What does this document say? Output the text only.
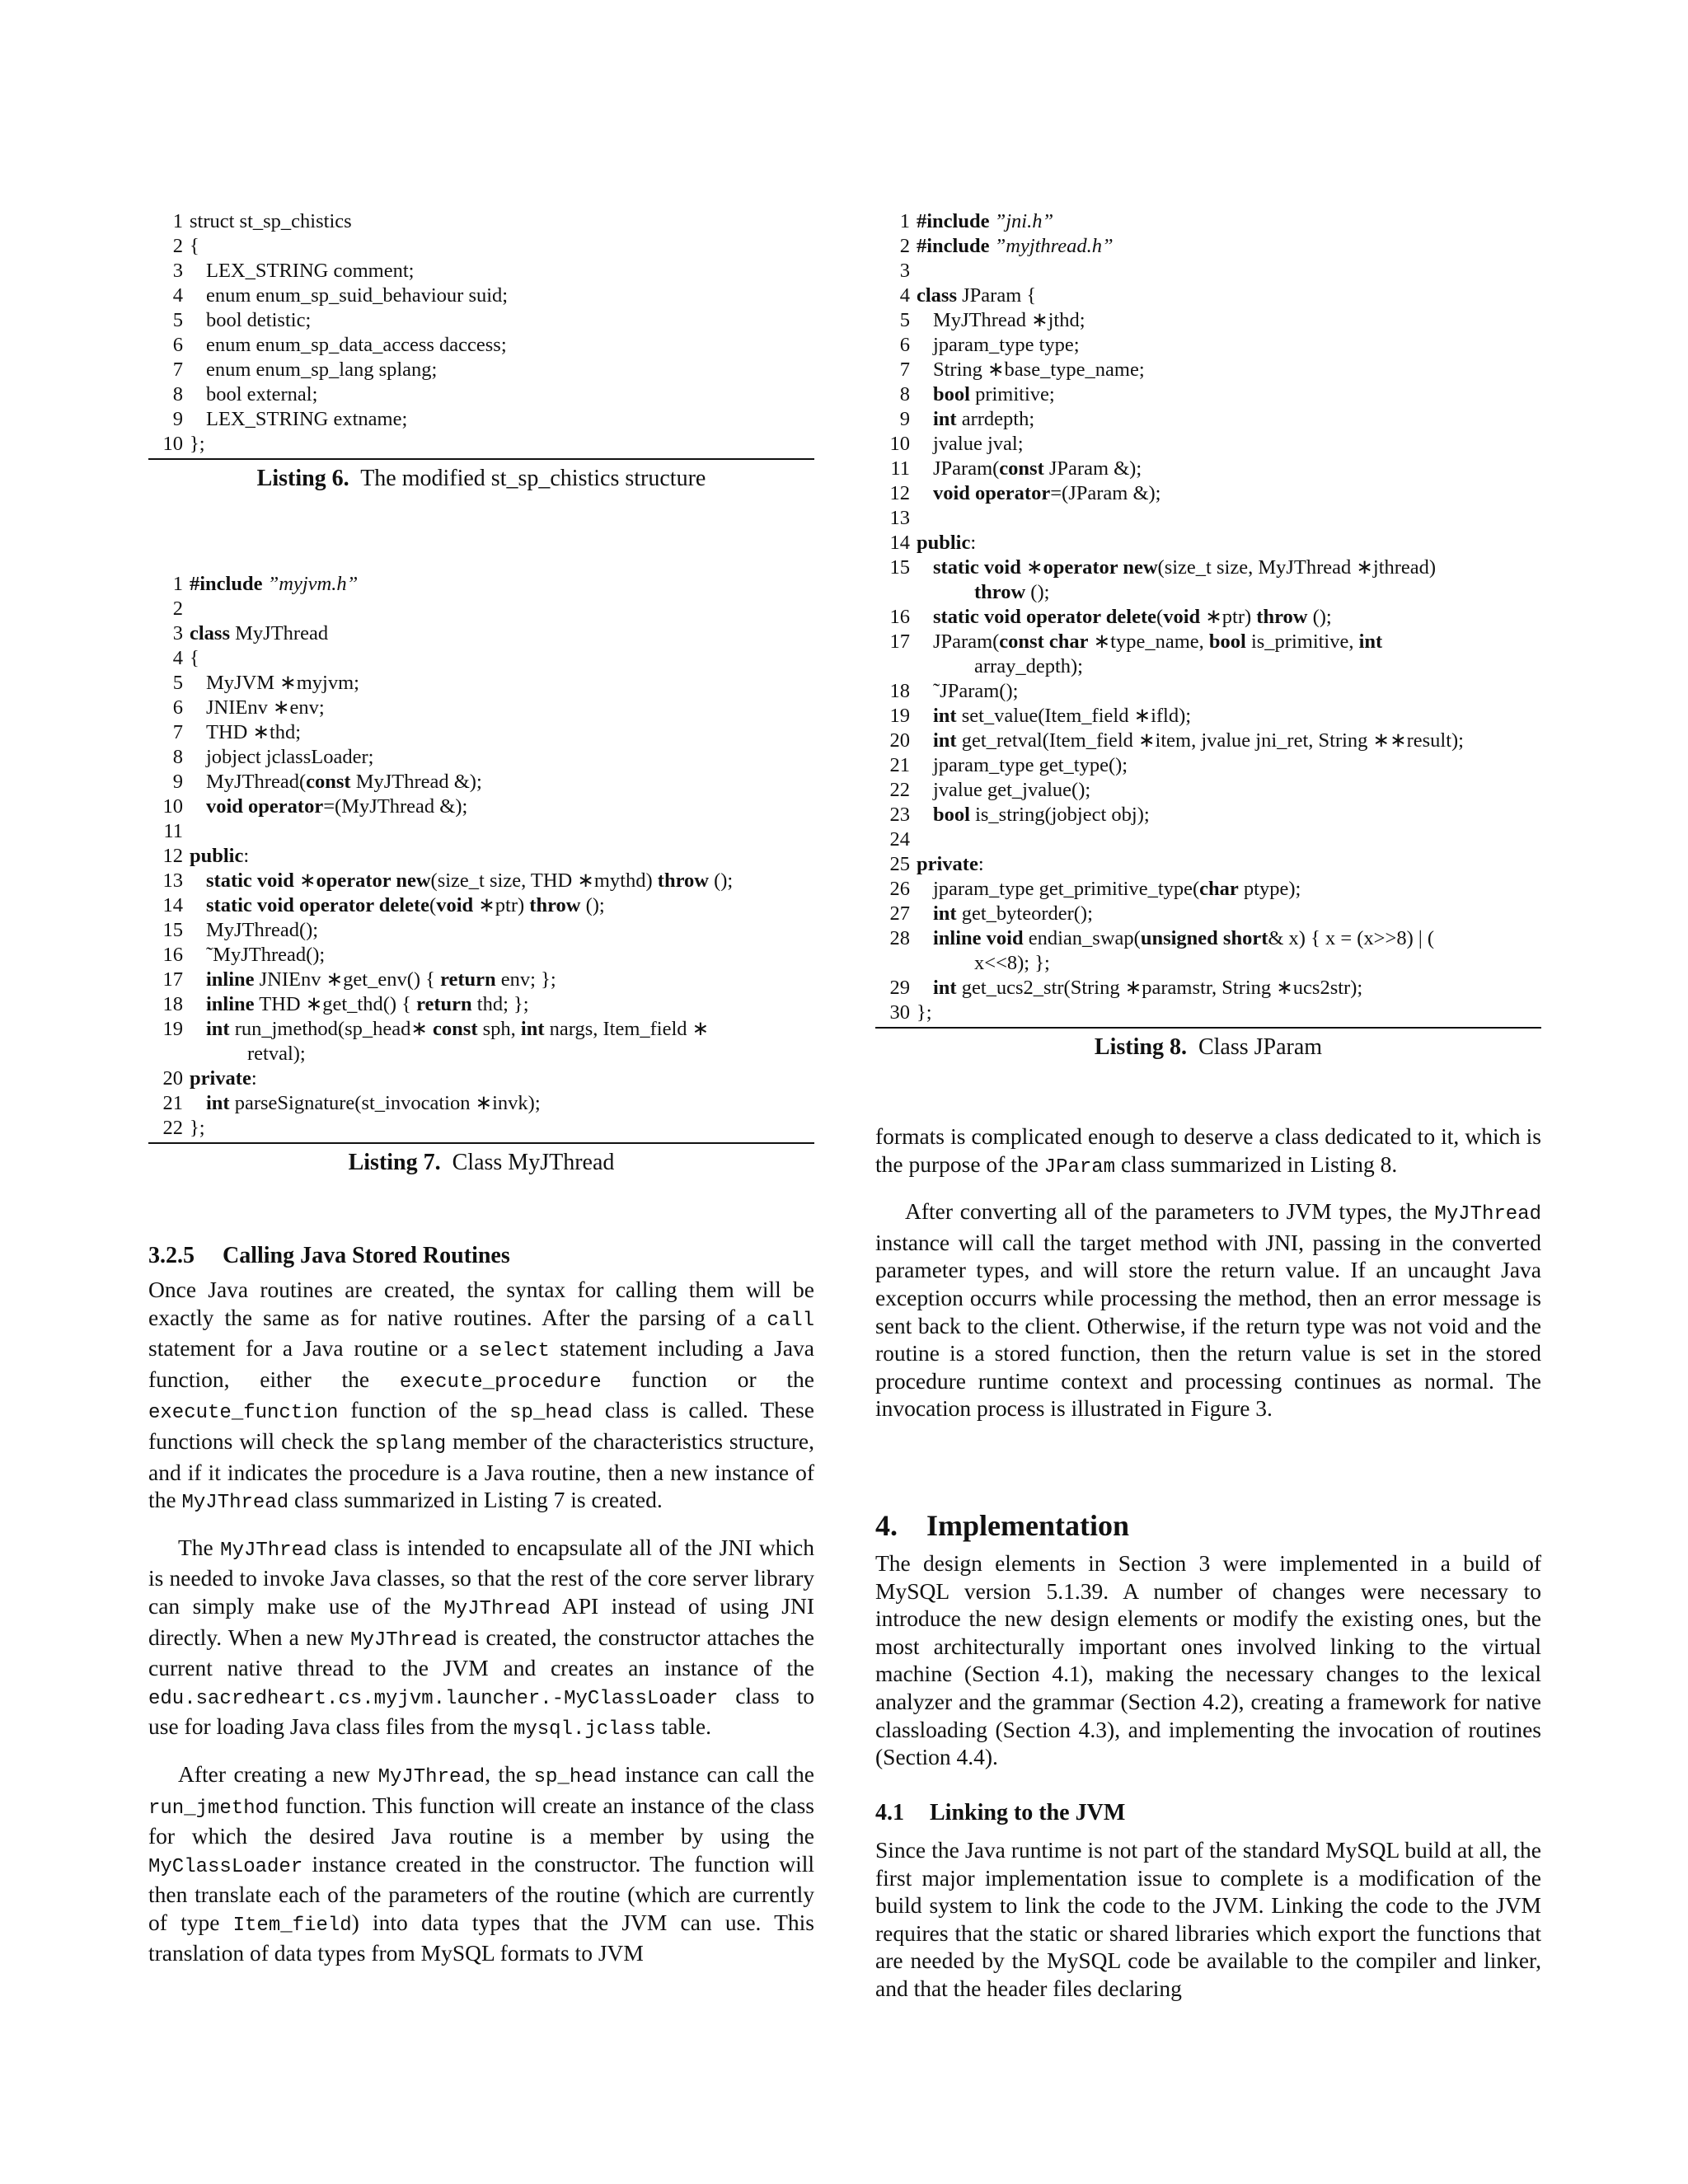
1 struct st_sp_chistics
2 {
3 LEX_STRING comment;
4 enum enum_sp_suid_behaviour suid;
5 bool detistic;
6 enum enum_sp_data_access daccess;
7 enum enum_sp_lang splang;
8 bool external;
9 LEX_STRING extname;
10 };
Listing 6. The modified st_sp_chistics structure
1 #include ”myjvm.h”
2
3 class MyJThread
4 {
5 MyJVM ∗myjvm;
6 JNIEnv ∗env;
7 THD ∗thd;
8 jobject jclassLoader;
9 MyJThread(const MyJThread &);
10 void operator=(MyJThread &);
11
12 public:
13 static void ∗operator new(size_t size, THD ∗mythd) throw ();
14 static void operator delete(void ∗ptr) throw ();
15 MyJThread();
16 ˜MyJThread();
17 inline JNIEnv ∗get_env() { return env; };
18 inline THD ∗get_thd() { return thd; };
19 int run_jmethod(sp_head∗ const sph, int nargs, Item_field ∗
retval);
20 private:
21 int parseSignature(st_invocation ∗invk);
22 };
Listing 7. Class MyJThread
3.2.5 Calling Java Stored Routines

Once Java routines are created, the syntax for calling them will be exactly the same as for native routines. After the parsing of a call statement for a Java routine or a select statement including a Java function, either the execute_procedure function or the execute_function function of the sp_head class is called. These functions will check the splang member of the characteristics structure, and if it indicates the procedure is a Java routine, then a new instance of the MyJThread class summarized in Listing 7 is created.

The MyJThread class is intended to encapsulate all of the JNI which is needed to invoke Java classes, so that the rest of the core server library can simply make use of the MyJThread API instead of using JNI directly. When a new MyJThread is created, the constructor attaches the current native thread to the JVM and creates an instance of the edu.sacredheart.cs.myjvm.launcher.-MyClassLoader class to use for loading Java class files from the mysql.jclass table.

After creating a new MyJThread, the sp_head instance can call the run_jmethod function. This function will create an instance of the class for which the desired Java routine is a member by using the MyClassLoader instance created in the constructor. The function will then translate each of the parameters of the routine (which are currently of type Item_field) into data types that the JVM can use. This translation of data types from MySQL formats to JVM

1 #include ”jni.h”
2 #include ”myjthread.h”
3
4 class JParam {
5 MyJThread ∗jthd;
6 jparam_type type;
7 String ∗base_type_name;
8 bool primitive;
9 int arrdepth;
10 jvalue jval;
11 JParam(const JParam &);
12 void operator=(JParam &);
13
14 public:
15 static void ∗operator new(size_t size, MyJThread ∗jthread)
throw ();
16 static void operator delete(void ∗ptr) throw ();
17 JParam(const char ∗type_name, bool is_primitive, int
array_depth);
18 ˜JParam();
19 int set_value(Item_field ∗ifld);
20 int get_retval(Item_field ∗item, jvalue jni_ret, String ∗∗result);
21 jparam_type get_type();
22 jvalue get_jvalue();
23 bool is_string(jobject obj);
24
25 private:
26 jparam_type get_primitive_type(char ptype);
27 int get_byteorder();
28 inline void endian_swap(unsigned short& x) { x = (x>>8) | (
x<<8); };
29 int get_ucs2_str(String ∗paramstr, String ∗ucs2str);
30 };
Listing 8. Class JParam

formats is complicated enough to deserve a class dedicated to it, which is the purpose of the JParam class summarized in Listing 8.

After converting all of the parameters to JVM types, the MyJThread instance will call the target method with JNI, passing in the converted parameter types, and will store the return value. If an uncaught Java exception occurrs while processing the method, then an error message is sent back to the client. Otherwise, if the return type was not void and the routine is a stored function, then the return value is set in the stored procedure runtime context and processing continues as normal. The invocation process is illustrated in Figure 3.

4. Implementation

The design elements in Section 3 were implemented in a build of MySQL version 5.1.39. A number of changes were necessary to introduce the new design elements or modify the existing ones, but the most architecturally important ones involved linking to the virtual machine (Section 4.1), making the necessary changes to the lexical analyzer and the grammar (Section 4.2), creating a framework for native classloading (Section 4.3), and implementing the invocation of routines (Section 4.4).

4.1 Linking to the JVM

Since the Java runtime is not part of the standard MySQL build at all, the first major implementation issue to complete is a modification of the build system to link the code to the JVM. Linking the code to the JVM requires that the static or shared libraries which export the functions that are needed by the MySQL code be available to the compiler and linker, and that the header files declaring
